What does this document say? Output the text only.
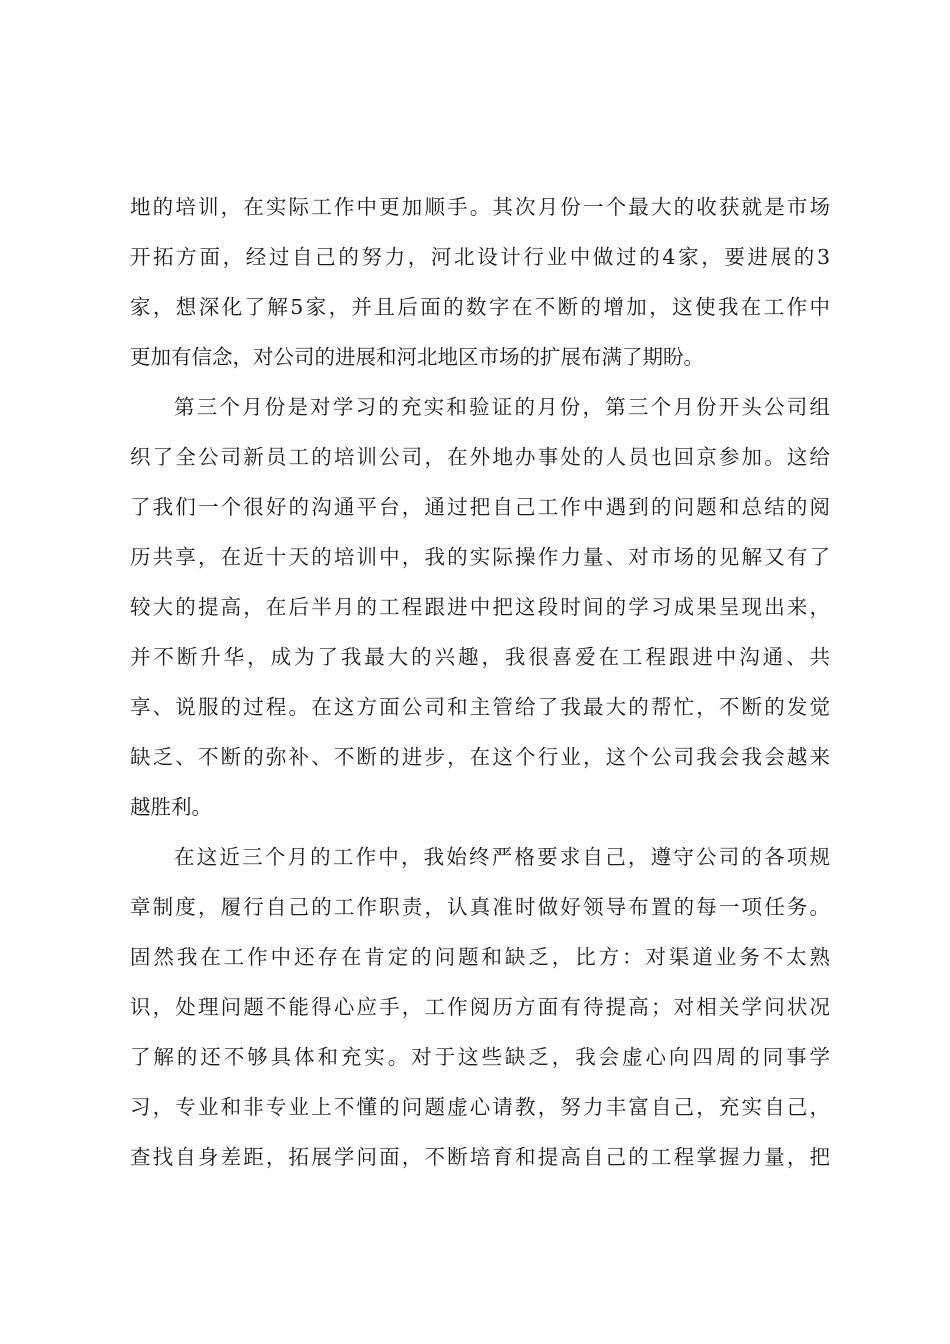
地的培训，在实际工作中更加顺手。其次月份一个最大的收获就是市场

开拓方面，经过自己的努力，河北设计行业中做过的4家，要进展的3

家，想深化了解5家，并且后面的数字在不断的增加，这使我在工作中

更加有信念，对公司的进展和河北地区市场的扩展布满了期盼。

第三个月份是对学习的充实和验证的月份，第三个月份开头公司组

织了全公司新员工的培训公司，在外地办事处的人员也回京参加。这给

了我们一个很好的沟通平台，通过把自己工作中遇到的问题和总结的阅

历共享，在近十天的培训中，我的实际操作力量、对市场的见解又有了

较大的提高，在后半月的工程跟进中把这段时间的学习成果呈现出来，

并不断升华，成为了我最大的兴趣，我很喜爱在工程跟进中沟通、共

享、说服的过程。在这方面公司和主管给了我最大的帮忙，不断的发觉

缺乏、不断的弥补、不断的进步，在这个行业，这个公司我会我会越来

越胜利。

在这近三个月的工作中，我始终严格要求自己，遵守公司的各项规

章制度，履行自己的工作职责，认真准时做好领导布置的每一项任务。

固然我在工作中还存在肯定的问题和缺乏，比方：对渠道业务不太熟

识，处理问题不能得心应手，工作阅历方面有待提高；对相关学问状况

了解的还不够具体和充实。对于这些缺乏，我会虚心向四周的同事学

习，专业和非专业上不懂的问题虚心请教，努力丰富自己，充实自己，

查找自身差距，拓展学问面，不断培育和提高自己的工程掌握力量，把
